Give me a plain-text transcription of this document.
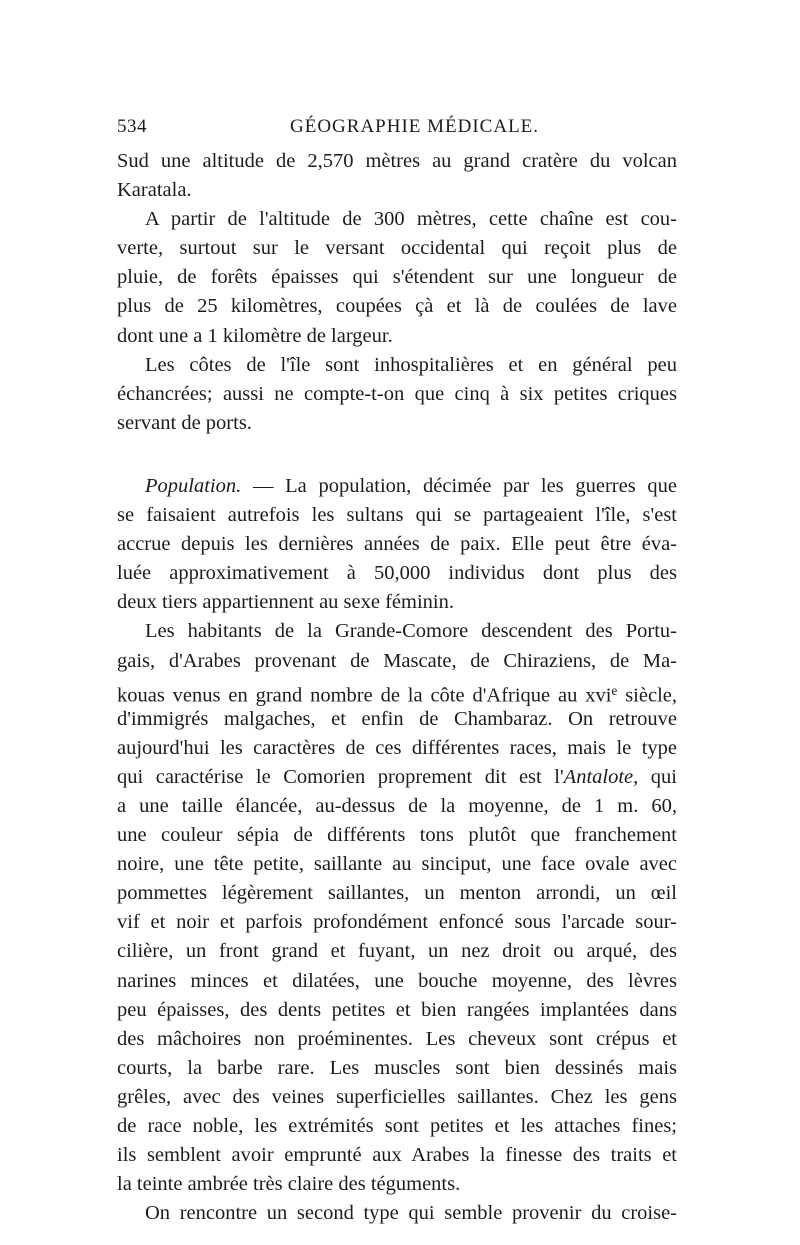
534	GÉOGRAPHIE MÉDICALE.
Sud une altitude de 2,570 mètres au grand cratère du volcan
Karatala.
A partir de l'altitude de 300 mètres, cette chaîne est cou-
verte, surtout sur le versant occidental qui reçoit plus de
pluie, de forêts épaisses qui s'étendent sur une longueur de
plus de 25 kilomètres, coupées çà et là de coulées de lave
dont une a 1 kilomètre de largeur.
Les côtes de l'île sont inhospitalières et en général peu
échancrées; aussi ne compte-t-on que cinq à six petites criques
servant de ports.
Population. — La population, décimée par les guerres que
se faisaient autrefois les sultans qui se partageaient l'île, s'est
accrue depuis les dernières années de paix. Elle peut être éva-
luée approximativement à 50,000 individus dont plus des
deux tiers appartiennent au sexe féminin.
Les habitants de la Grande-Comore descendent des Portu-
gais, d'Arabes provenant de Mascate, de Chiraziens, de Ma-
kouas venus en grand nombre de la côte d'Afrique au xvi$^e$ siècle,
d'immigrés malgaches, et enfin de Chambaraz. On retrouve
aujourd'hui les caractères de ces différentes races, mais le type
qui caractérise le Comorien proprement dit est l'Antalote, qui
a une taille élancée, au-dessus de la moyenne, de 1 m. 60,
une couleur sépia de différents tons plutôt que franchement
noire, une tête petite, saillante au sinciput, une face ovale avec
pommettes légèrement saillantes, un menton arrondi, un œil
vif et noir et parfois profondément enfoncé sous l'arcade sour-
cilière, un front grand et fuyant, un nez droit ou arqué, des
narines minces et dilatées, une bouche moyenne, des lèvres
peu épaisses, des dents petites et bien rangées implantées dans
des mâchoires non proéminentes. Les cheveux sont crépus et
courts, la barbe rare. Les muscles sont bien dessinés mais
grêles, avec des veines superficielles saillantes. Chez les gens
de race noble, les extrémités sont petites et les attaches fines;
ils semblent avoir emprunté aux Arabes la finesse des traits et
la teinte ambrée très claire des téguments.
On rencontre un second type qui semble provenir du croise-
